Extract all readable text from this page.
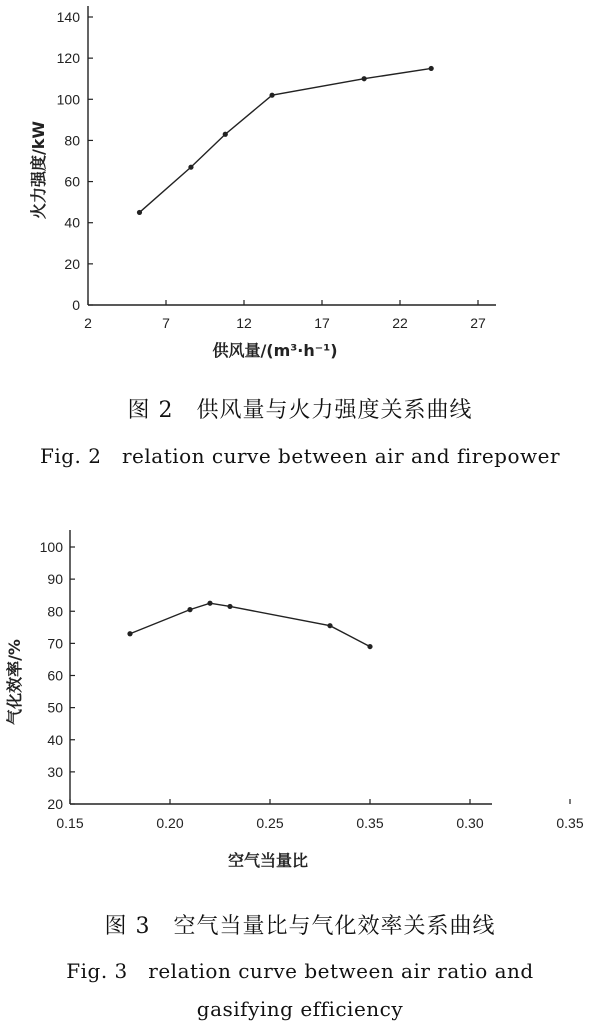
0
20
40
60
80
100
120
140
2	7	12	17	22	27
供风量/(m³·h⁻¹)
火力强度/kW
20
30
40
50
60
70
80
90
100
0.15	0.20	0.25	0.35	0.30	0.35
空气当量比
气化效率/%
图 2　供风量与火力强度关系曲线
Fig. 2　relation curve between air and firepower
图 3　空气当量比与气化效率关系曲线
Fig. 3　relation curve between air ratio and
gasifying efficiency
